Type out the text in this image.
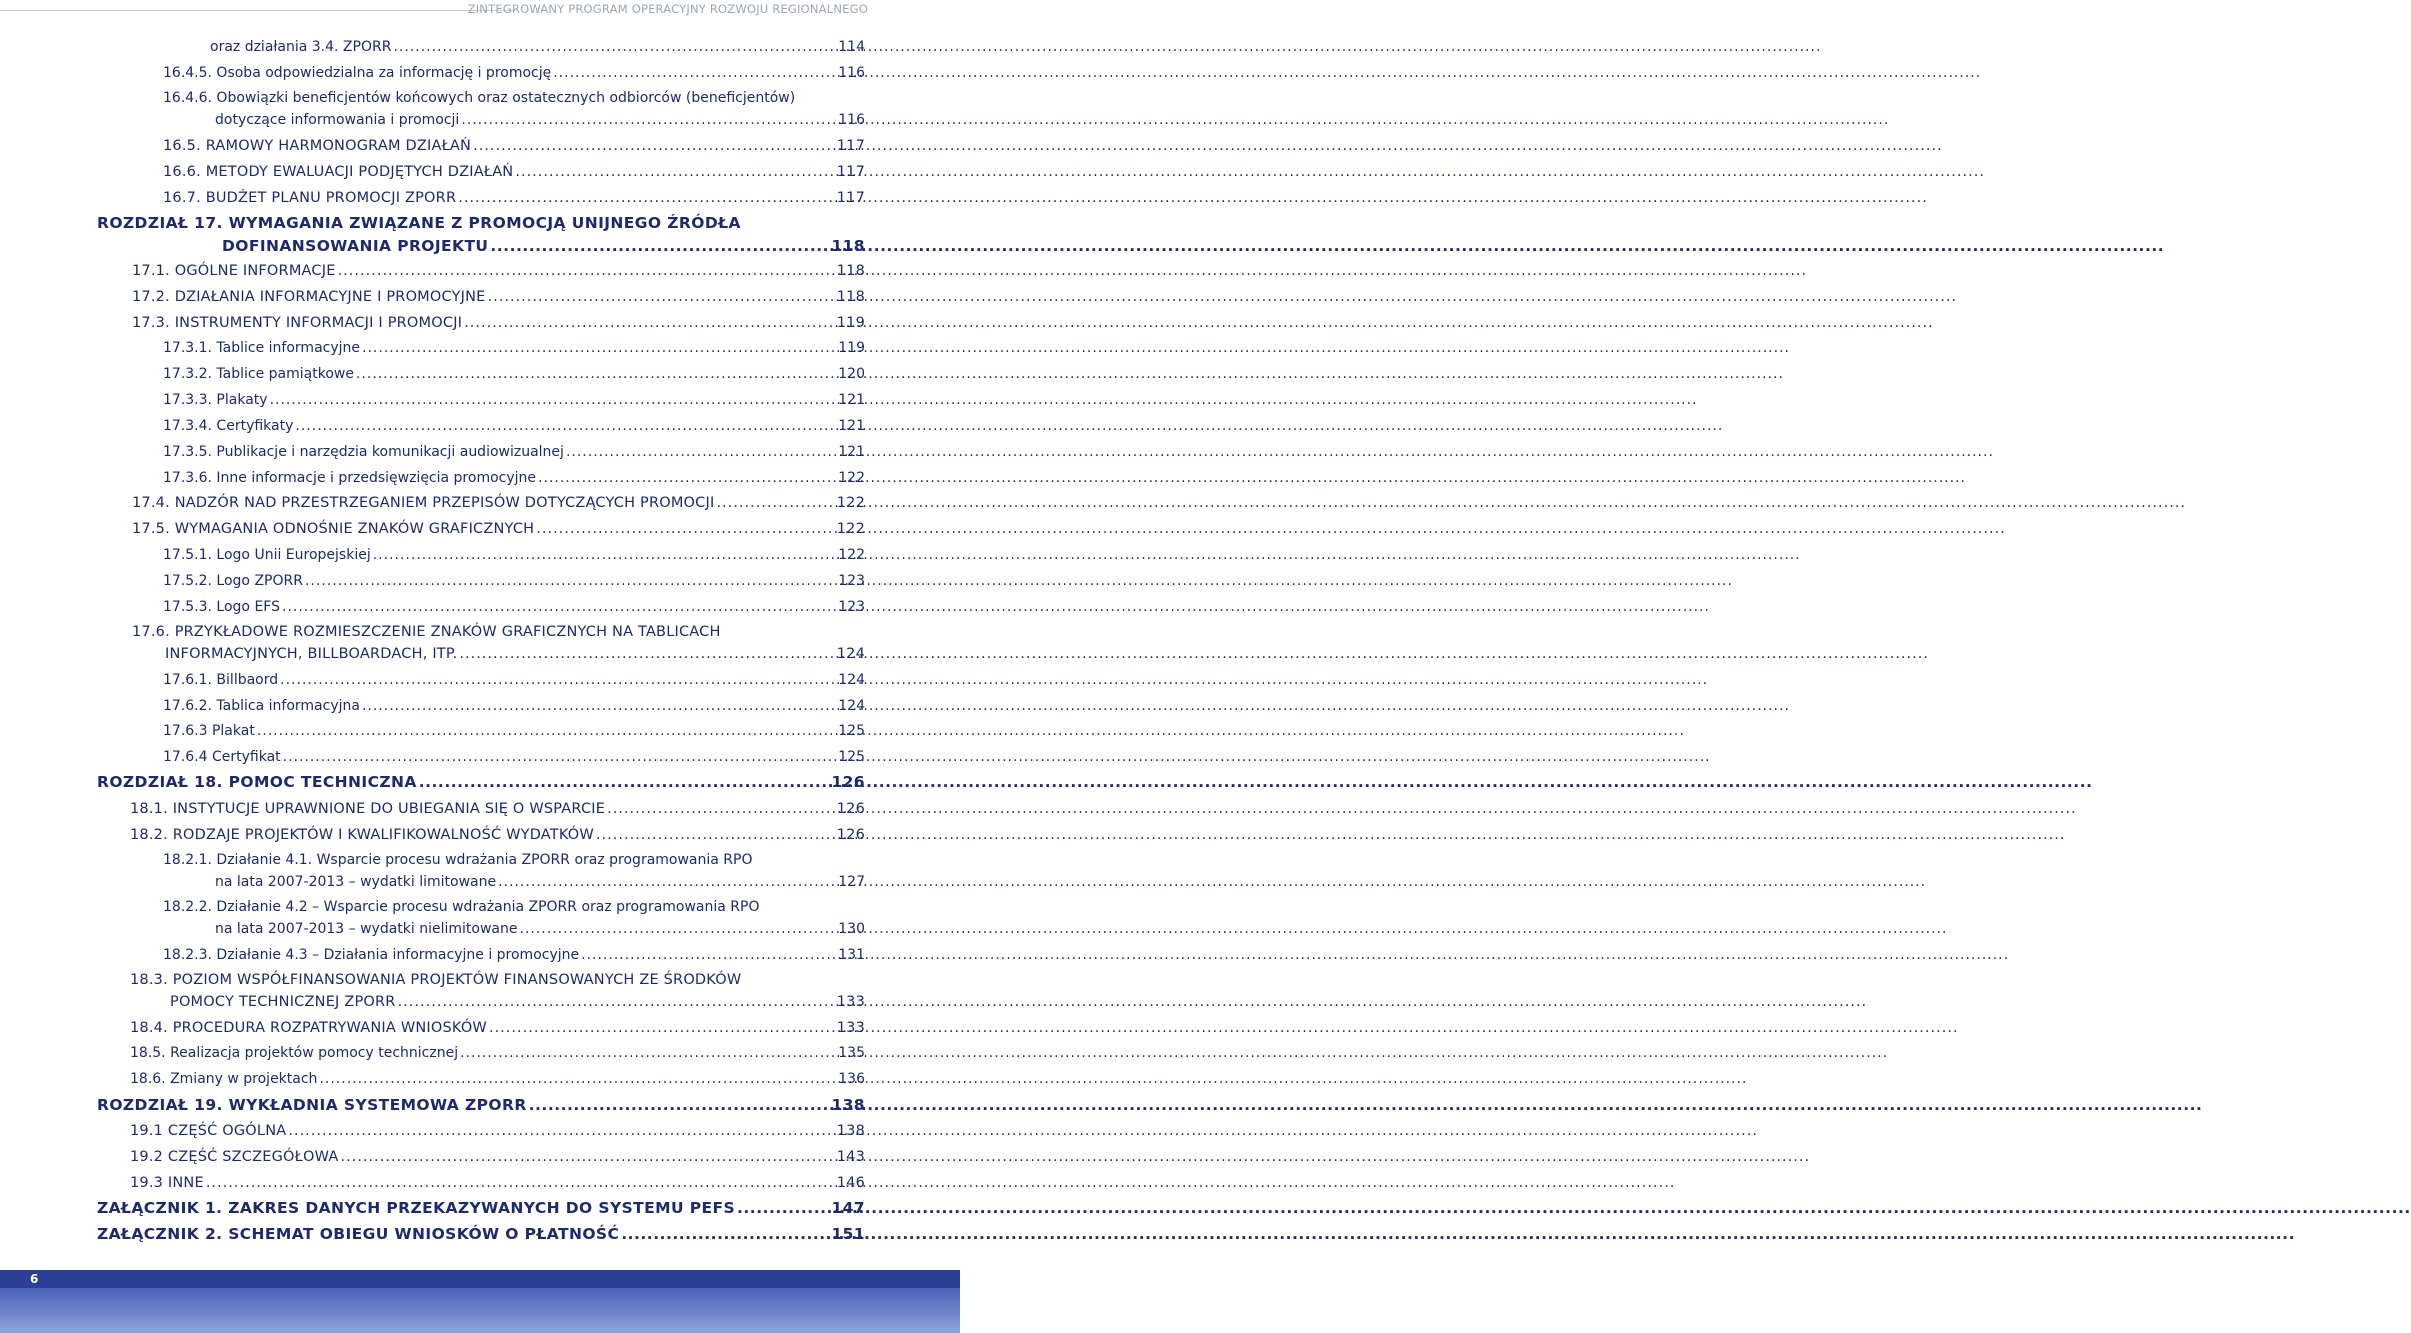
ZINTEGROWANY PROGRAM OPERACYJNY ROZWOJU REGIONALNEGO
oraz działania 3.4. ZPORR .....	114
16.4.5. Osoba odpowiedzialna za informację i promocję .....	116
16.4.6. Obowiązki beneficjentów końcowych oraz ostatecznych odbiorców (beneficjentów)
dotyczące informowania i promocji .....	116
16.5. RAMOWY HARMONOGRAM DZIAŁAŃ .....	117
16.6. METODY EWALUACJI PODJĘTYCH DZIAŁAŃ .....	117
16.7. BUDŻET PLANU PROMOCJI ZPORR .....	117
ROZDZIAŁ 17. WYMAGANIA ZWIĄZANE Z PROMOCJĄ UNIJNEGO ŹRÓDŁA
DOFINANSOWANIA PROJEKTU .....	118
17.1. OGÓLNE INFORMACJE .....	118
17.2. DZIAŁANIA INFORMACYJNE I PROMOCYJNE .....	118
17.3. INSTRUMENTY INFORMACJI I PROMOCJI .....	119
17.3.1. Tablice informacyjne .....	119
17.3.2. Tablice pamiątkowe .....	120
17.3.3. Plakaty .....	121
17.3.4. Certyfikaty .....	121
17.3.5. Publikacje i narzędzia komunikacji audiowizualnej .....	121
17.3.6. Inne informacje i przedsięwzięcia promocyjne .....	122
17.4. NADZÓR NAD PRZESTRZEGANIEM PRZEPISÓW DOTYCZĄCYCH PROMOCJI .....	122
17.5. WYMAGANIA ODNOŚNIE ZNAKÓW GRAFICZNYCH .....	122
17.5.1. Logo Unii Europejskiej .....	122
17.5.2. Logo ZPORR .....	123
17.5.3. Logo EFS .....	123
17.6. PRZYKŁADOWE ROZMIESZCZENIE ZNAKÓW GRAFICZNYCH NA TABLICACH
INFORMACYJNYCH, BILLBOARDACH, ITP. .....	124
17.6.1. Billbaord .....	124
17.6.2. Tablica informacyjna .....	124
17.6.3 Plakat .....	125
17.6.4 Certyfikat .....	125
ROZDZIAŁ 18. POMOC TECHNICZNA .....	126
18.1. INSTYTUCJE UPRAWNIONE DO UBIEGANIA SIĘ O WSPARCIE .....	126
18.2. RODZAJE PROJEKTÓW I KWALIFIKOWALNOŚĆ WYDATKÓW .....	126
18.2.1. Działanie 4.1. Wsparcie procesu wdrażania ZPORR oraz programowania RPO
na lata 2007-2013 – wydatki limitowane .....	127
18.2.2. Działanie 4.2 – Wsparcie procesu wdrażania ZPORR oraz programowania RPO
na lata 2007-2013 – wydatki nielimitowane .....	130
18.2.3. Działanie 4.3 – Działania informacyjne i promocyjne .....	131
18.3. POZIOM WSPÓŁFINANSOWANIA PROJEKTÓW FINANSOWANYCH ZE ŚRODKÓW
POMOCY TECHNICZNEJ ZPORR .....	133
18.4. PROCEDURA ROZPATRYWANIA WNIOSKÓW .....	133
18.5. Realizacja projektów pomocy technicznej .....	135
18.6. Zmiany w projektach .....	136
ROZDZIAŁ 19. WYKŁADNIA SYSTEMOWA ZPORR .....	138
19.1 CZĘŚĆ OGÓLNA .....	138
19.2 CZĘŚĆ SZCZEGÓŁOWA .....	143
19.3 INNE .....	146
ZAŁĄCZNIK 1. ZAKRES DANYCH PRZEKAZYWANYCH DO SYSTEMU PEFS .....	147
ZAŁĄCZNIK 2. SCHEMAT OBIEGU WNIOSKÓW O PŁATNOŚĆ .....	151
6
